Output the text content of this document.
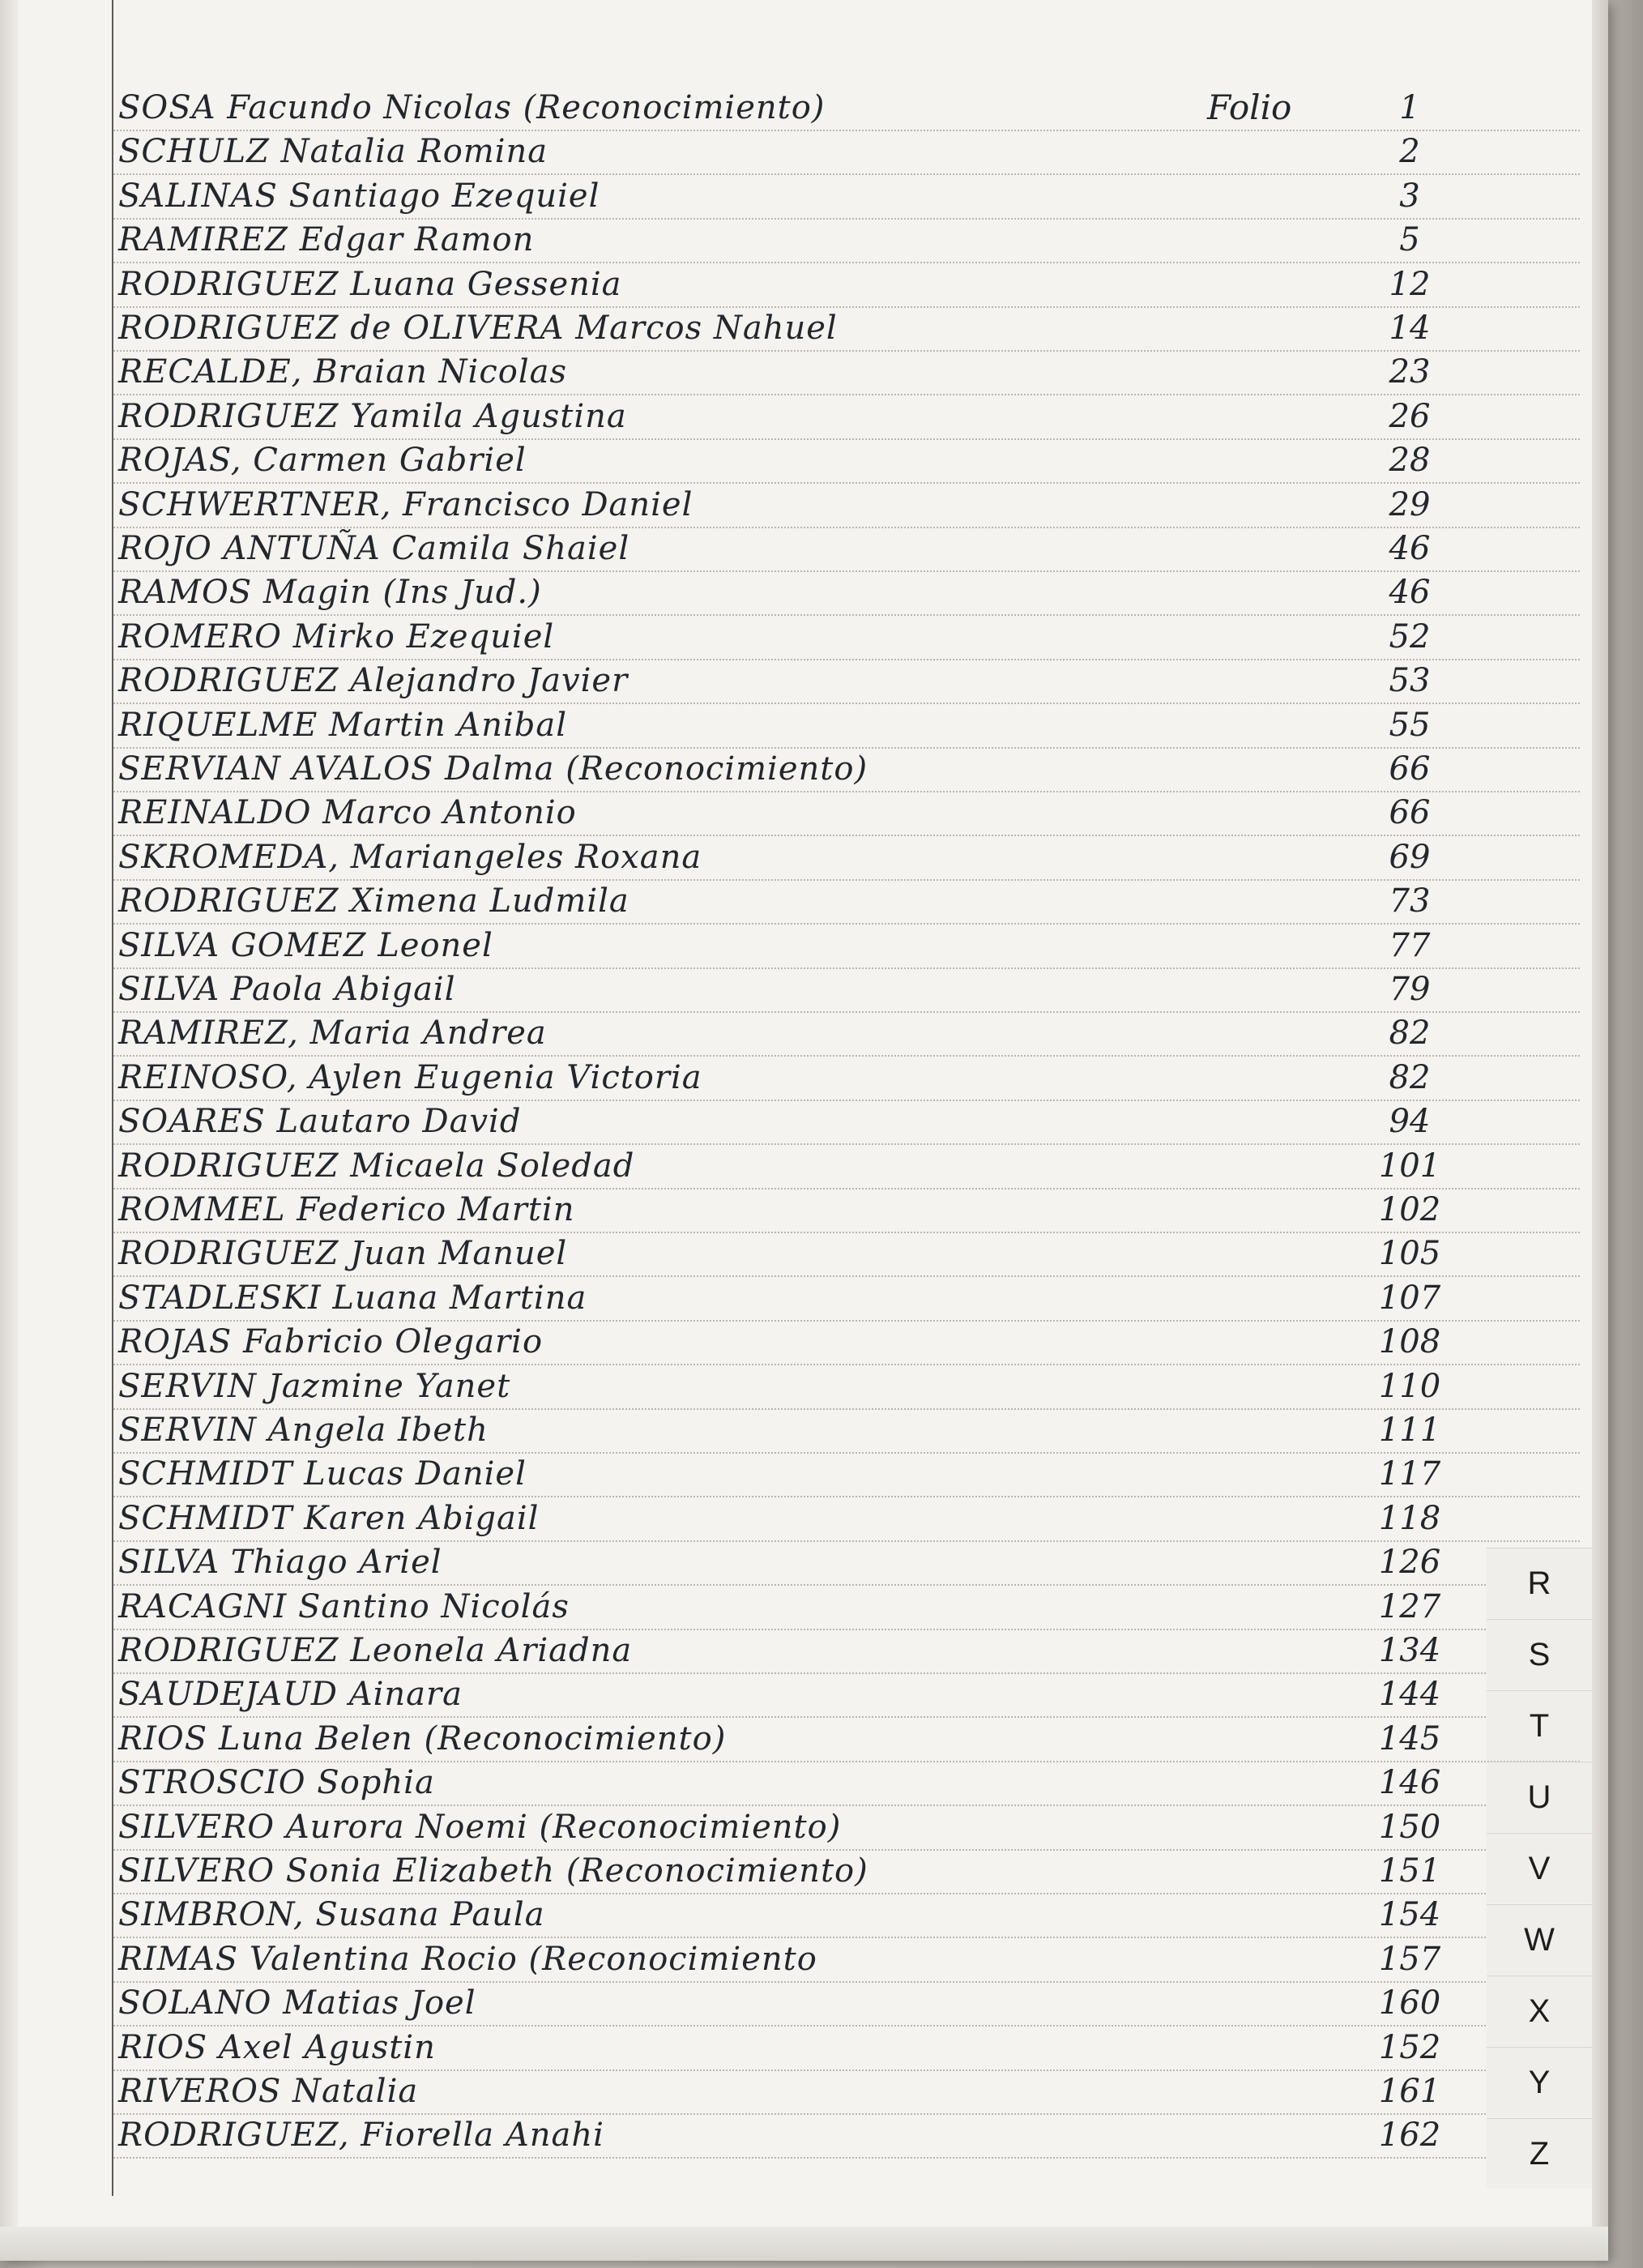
Folio
SOSA Facundo Nicolas (Reconocimiento)	1
SCHULZ Natalia Romina	2
SALINAS Santiago Ezequiel	3
RAMIREZ Edgar Ramon	5
RODRIGUEZ Luana Gessenia	12
RODRIGUEZ de OLIVERA Marcos Nahuel	14
RECALDE, Braian Nicolas	23
RODRIGUEZ Yamila Agustina	26
ROJAS, Carmen Gabriel	28
SCHWERTNER, Francisco Daniel	29
ROJO ANTUÑA Camila Shaiel	46
RAMOS Magin (Ins Jud.)	46
ROMERO Mirko Ezequiel	52
RODRIGUEZ Alejandro Javier	53
RIQUELME Martin Anibal	55
SERVIAN AVALOS Dalma (Reconocimiento)	66
REINALDO Marco Antonio	66
SKROMEDA, Mariangeles Roxana	69
RODRIGUEZ Ximena Ludmila	73
SILVA GOMEZ Leonel	77
SILVA Paola Abigail	79
RAMIREZ, Maria Andrea	82
REINOSO, Aylen Eugenia Victoria	82
SOARES Lautaro David	94
RODRIGUEZ Micaela Soledad	101
ROMMEL Federico Martin	102
RODRIGUEZ Juan Manuel	105
STADLESKI Luana Martina	107
ROJAS Fabricio Olegario	108
SERVIN Jazmine Yanet	110
SERVIN Angela Ibeth	111
SCHMIDT Lucas Daniel	117
SCHMIDT Karen Abigail	118
SILVA Thiago Ariel	126
RACAGNI Santino Nicolás	127
RODRIGUEZ Leonela Ariadna	134
SAUDEJAUD Ainara	144
RIOS Luna Belen (Reconocimiento)	145
STROSCIO Sophia	146
SILVERO Aurora Noemi (Reconocimiento)	150
SILVERO Sonia Elizabeth (Reconocimiento)	151
SIMBRON, Susana Paula	154
RIMAS Valentina Rocio (Reconocimiento	157
SOLANO Matias Joel	160
RIOS Axel Agustin	152
RIVEROS Natalia	161
RODRIGUEZ, Fiorella Anahi	162
R
S
T
U
V
W
X
Y
Z
